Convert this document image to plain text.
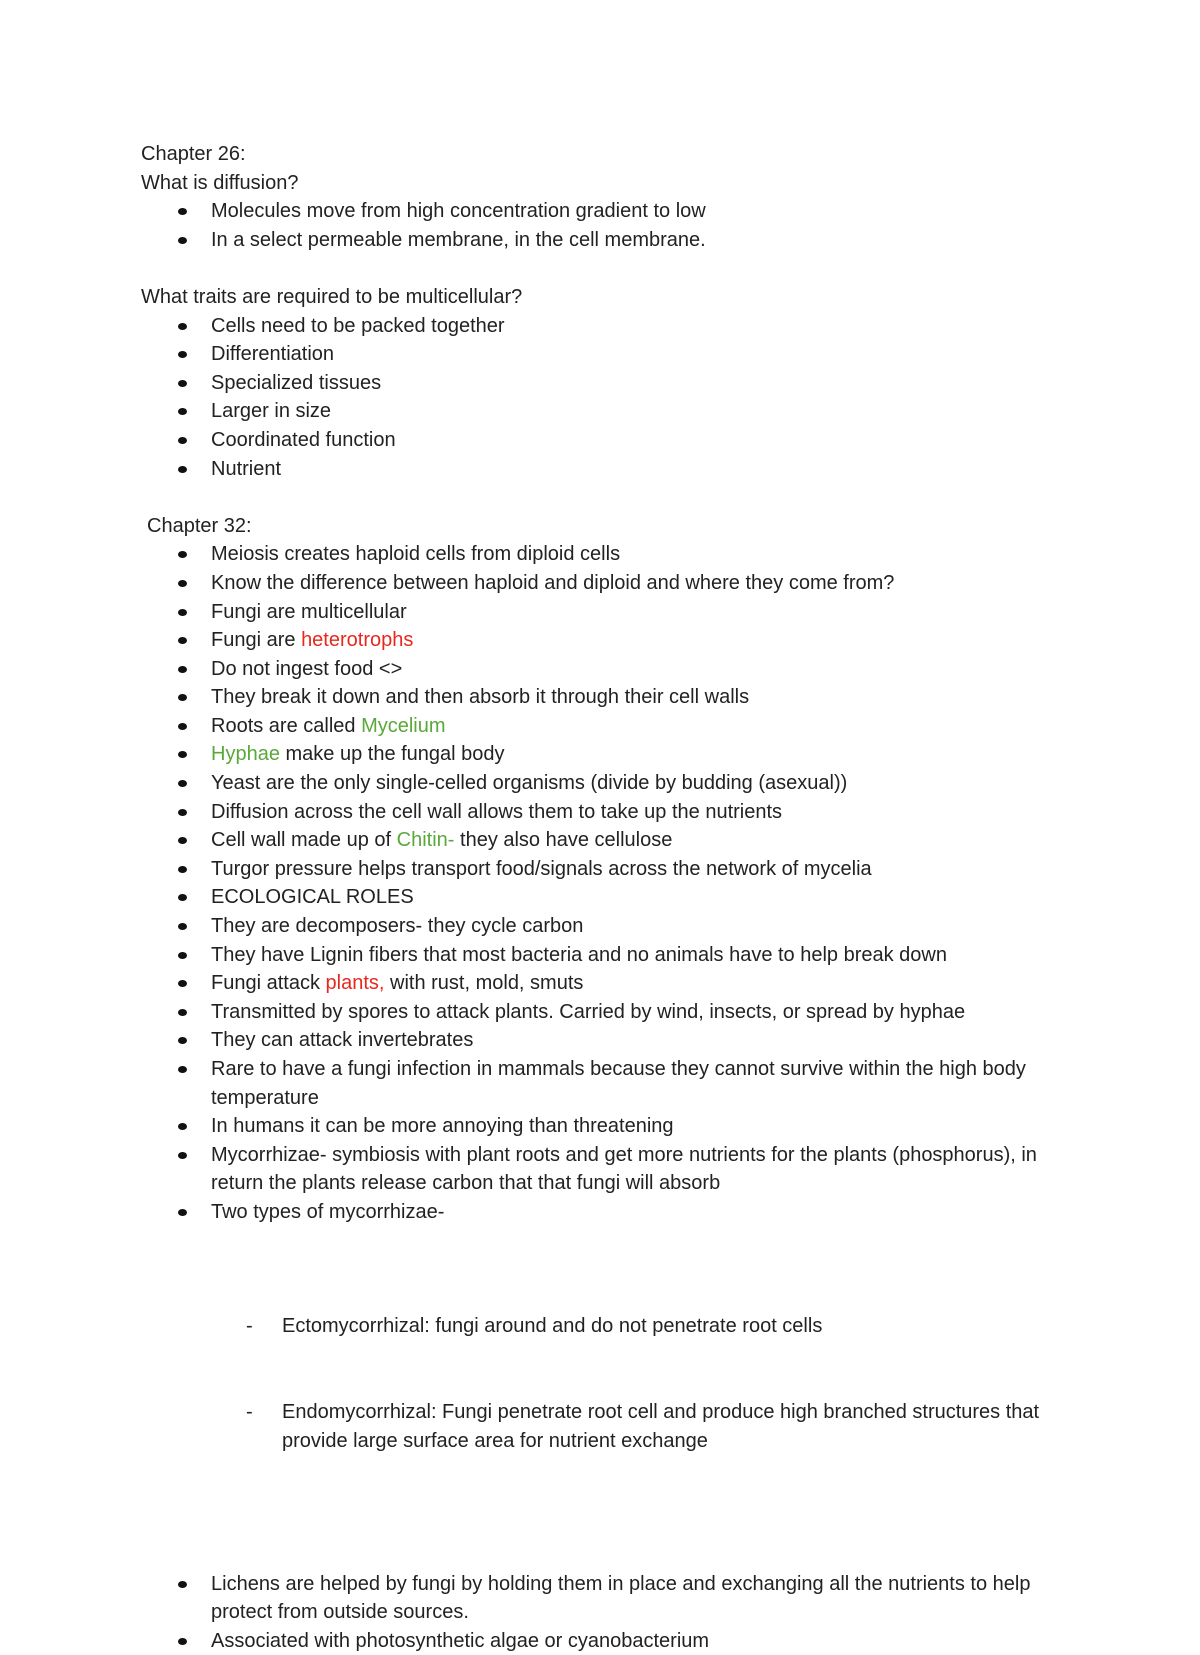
Chapter 26:

What is diffusion?

Molecules move from high concentration gradient to low
In a select permeable membrane, in the cell membrane.

What traits are required to be multicellular?

Cells need to be packed together
Differentiation
Specialized tissues
Larger in size
Coordinated function
Nutrient

Chapter 32:

Meiosis creates haploid cells from diploid cells
Know the difference between haploid and diploid and where they come from?
Fungi are multicellular
Fungi are heterotrophs
Do not ingest food <>
They break it down and then absorb it through their cell walls
Roots are called Mycelium
Hyphae make up the fungal body
Yeast are the only single-celled organisms (divide by budding (asexual))
Diffusion across the cell wall allows them to take up the nutrients
Cell wall made up of Chitin- they also have cellulose
Turgor pressure helps transport food/signals across the network of mycelia
ECOLOGICAL ROLES
They are decomposers- they cycle carbon
They have Lignin fibers that most bacteria and no animals have to help break down
Fungi attack plants, with rust, mold, smuts
Transmitted by spores to attack plants. Carried by wind, insects, or spread by hyphae
They can attack invertebrates
Rare to have a fungi infection in mammals because they cannot survive within the high body temperature
In humans it can be more annoying than threatening
Mycorrhizae- symbiosis with plant roots and get more nutrients for the plants (phosphorus), in return the plants release carbon that that fungi will absorb
Two types of mycorrhizae-

- Ectomycorrhizal: fungi around and do not penetrate root cells

- Endomycorrhizal: Fungi penetrate root cell and produce high branched structures that provide large surface area for nutrient exchange

Lichens are helped by fungi by holding them in place and exchanging all the nutrients to help protect from outside sources.
Associated with photosynthetic algae or cyanobacterium
